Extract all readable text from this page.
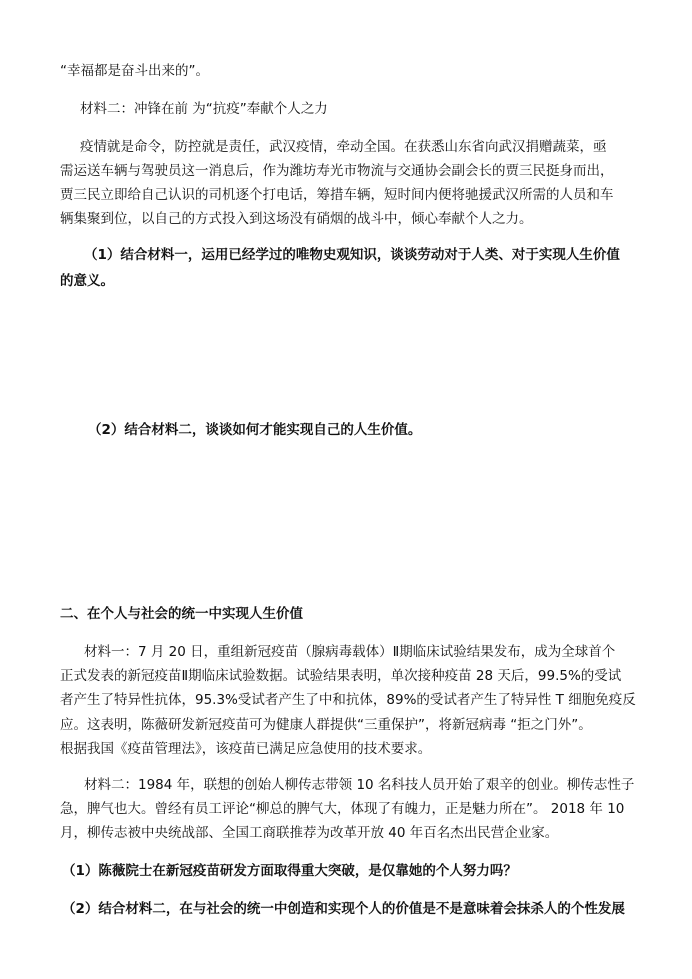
“幸福都是奋斗出来的”。
材料二：冲锋在前 为“抗疫”奉献个人之力
疫情就是命令，防控就是责任，武汉疫情，牵动全国。在获悉山东省向武汉捐赠蔬菜，亟
需运送车辆与驾驶员这一消息后，作为潍坊寿光市物流与交通协会副会长的贾三民挺身而出，
贾三民立即给自己认识的司机逐个打电话，筹措车辆，短时间内便将驰援武汉所需的人员和车
辆集聚到位，以自己的方式投入到这场没有硝烟的战斗中，倾心奉献个人之力。
（1）结合材料一，运用已经学过的唯物史观知识，谈谈劳动对于人类、对于实现人生价值
的意义。
（2）结合材料二，谈谈如何才能实现自己的人生价值。
二、在个人与社会的统一中实现人生价值
材料一：7 月 20 日，重组新冠疫苗（腺病毒载体）Ⅱ期临床试验结果发布，成为全球首个
正式发表的新冠疫苗Ⅱ期临床试验数据。试验结果表明，单次接种疫苗 28 天后，99.5%的受试
者产生了特异性抗体，95.3%受试者产生了中和抗体，89%的受试者产生了特异性 T 细胞免疫反
应。这表明，陈薇研发新冠疫苗可为健康人群提供“三重保护”，将新冠病毒 “拒之门外”。
根据我国《疫苗管理法》，该疫苗已满足应急使用的技术要求。
材料二：1984 年，联想的创始人柳传志带领 10 名科技人员开始了艰辛的创业。柳传志性子
急，脾气也大。曾经有员工评论“柳总的脾气大，体现了有魄力，正是魅力所在”。 2018 年 10
月，柳传志被中央统战部、全国工商联推荐为改革开放 40 年百名杰出民营企业家。
（1）陈薇院士在新冠疫苗研发方面取得重大突破，是仅靠她的个人努力吗？
（2）结合材料二，在与社会的统一中创造和实现个人的价值是不是意味着会抹杀人的个性发展
